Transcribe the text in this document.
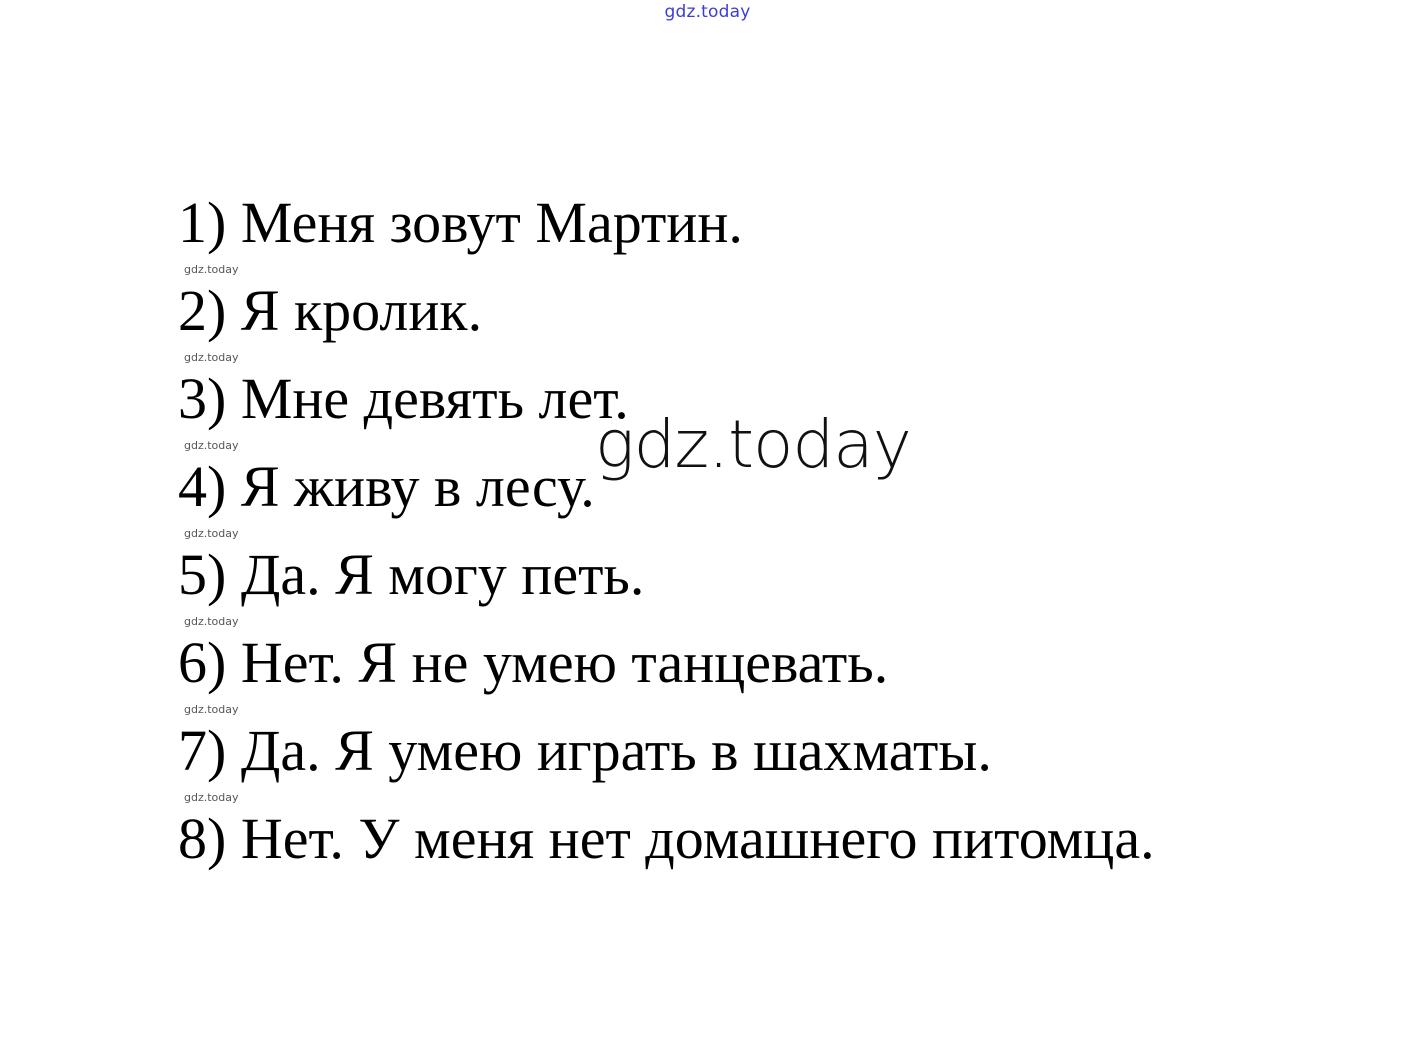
gdz.today
1) Меня зовут Мартин.
gdz.today
2) Я кролик.
gdz.today
3) Мне девять лет.
gdz.today
4) Я живу в лесу.
gdz.today
5) Да. Я могу петь.
gdz.today
6) Нет. Я не умею танцевать.
gdz.today
7) Да. Я умею играть в шахматы.
gdz.today
8) Нет. У меня нет домашнего питомца.
gdz.today
